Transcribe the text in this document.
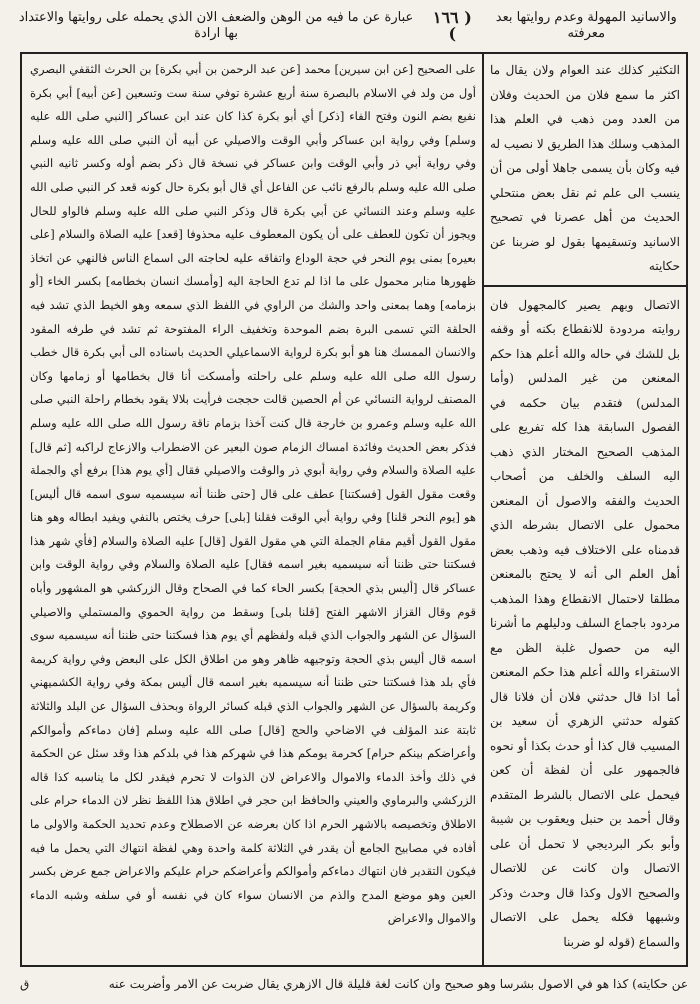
والاسانيد المهولة وعدم روايتها بعد معرفته
( ١٦٦ )
عبارة عن ما فيه من الوهن والضعف الان الذي يحمله على روايتها والاعتداد بها ارادة
التكثير كذلك عند العوام ولان يقال ما اكثر ما سمع فلان من الحديث وفلان من العدد ومن ذهب في العلم هذا المذهب وسلك هذا الطريق لا نصيب له فيه وكان بأن يسمى جاهلا أولى من أن ينسب الى علم ثم نقل بعض منتحلي الحديث من أهل عصرنا في تصحيح الاسانيد وتسقيمها بقول لو ضربنا عن حكايته
الاتصال وبهم يصير كالمجهول فان روايته مردودة للانقطاع بكنه أو وقفه بل للشك في حاله والله أعلم هذا حكم المعنعن من غير المدلس (وأما المدلس) فتقدم بيان حكمه في الفصول السابقة هذا كله تفريع على المذهب الصحيح المختار الذي ذهب اليه السلف والخلف من أصحاب الحديث والفقه والاصول أن المعنعن محمول على الاتصال بشرطه الذي قدمناه على الاختلاف فيه وذهب بعض أهل العلم الى أنه لا يحتج بالمعنعن مطلقا لاحتمال الانقطاع وهذا المذهب مردود باجماع السلف ودليلهم ما أشرنا اليه من حصول غلبة الظن مع الاستقراء والله أعلم هذا حكم المعنعن أما اذا قال حدثني فلان أن فلانا قال كقوله حدثني الزهري أن سعيد بن المسيب قال كذا أو حدث بكذا أو نحوه فالجمهور على أن لفظة أن كعن فيحمل على الاتصال بالشرط المتقدم وقال أحمد بن حنبل ويعقوب بن شيبة وأبو بكر البرديجي لا تحمل أن على الاتصال وان كانت عن للاتصال والصحيح الاول وكذا قال وحدث وذكر وشبهها فكله يحمل على الاتصال والسماع (قوله لو ضربنا
على الصحيح [عن ابن سيرين] محمد [عن عبد الرحمن بن أبي بكرة] بن الحرث الثقفي البصري أول من ولد في الاسلام بالبصرة سنة أربع عشرة توفي سنة ست وتسعين [عن أبيه] أبي بكرة نفيع بضم النون وفتح الفاء [ذكر] أي أبو بكرة كذا كان عند ابن عساكر [النبي صلى الله عليه وسلم] وفي رواية ابن عساكر وأبي الوقت والاصيلي عن أبيه أن النبي صلى الله عليه وسلم وفي رواية أبي ذر وأبي الوقت وابن عساكر في نسخة قال ذكر بضم أوله وكسر ثانيه النبي صلى الله عليه وسلم بالرفع نائب عن الفاعل أي قال أبو بكرة حال كونه قعد كر النبي صلى الله عليه وسلم وعند النسائي عن أبي بكرة قال وذكر النبي صلى الله عليه وسلم فالواو للحال ويجوز أن تكون للعطف على أن يكون المعطوف عليه محذوفا [قعد] عليه الصلاة والسلام [على بعيره] بمنى يوم النحر في حجة الوداع واتفاقه عليه لحاجته الى اسماع الناس فالنهي عن اتخاذ ظهورها منابر محمول على ما اذا لم تدع الحاجة اليه [وأمسك انسان بخطامه] بكسر الخاء [أو بزمامه] وهما بمعنى واحد والشك من الراوي في اللفظ الذي سمعه وهو الخيط الذي تشد فيه الحلقة التي تسمى البرة بضم الموحدة وتخفيف الراء المفتوحة ثم تشد في طرفه المقود والانسان الممسك هنا هو أبو بكرة لرواية الاسماعيلي الحديث باسناده الى أبي بكرة قال خطب رسول الله صلى الله عليه وسلم على راحلته وأمسكت أنا قال بخطامها أو زمامها وكان المصنف لرواية النسائي عن أم الحصين قالت حججت فرأيت بلالا يقود بخطام راحلة النبي صلى الله عليه وسلم وعمرو بن خارجة قال كنت آخذا بزمام ناقة رسول الله صلى الله عليه وسلم فذكر بعض الحديث وفائدة امساك الزمام صون البعير عن الاضطراب والازعاج لراكبه [ثم قال] عليه الصلاة والسلام وفي رواية أبوي ذر والوقت والاصيلي فقال [أي يوم هذا] برفع أي والجملة وقعت مقول القول [فسكتنا] عطف على قال [حتى ظننا أنه سيسميه سوى اسمه قال أليس] هو [يوم النحر قلنا] وفي رواية أبي الوقت فقلنا [بلى] حرف يختص بالنفي ويفيد ابطاله وهو هنا مقول القول أقيم مقام الجملة التي هي مقول القول [قال] عليه الصلاة والسلام [فأي شهر هذا فسكتنا حتى ظننا أنه سيسميه بغير اسمه فقال] عليه الصلاة والسلام وفي رواية الوقت وابن عساكر قال [أليس بذي الحجة] بكسر الحاء كما في الصحاح وقال الزركشي هو المشهور وأباه قوم وقال القزاز الاشهر الفتح [قلنا بلى] وسقط من رواية الحموي والمستملي والاصيلي السؤال عن الشهر والجواب الذي قبله ولفظهم أي يوم هذا فسكتنا حتى ظننا أنه سيسميه سوى اسمه قال أليس بذي الحجة وتوجيهه ظاهر وهو من اطلاق الكل على البعض وفي رواية كريمة فأي بلد هذا فسكتنا حتى ظننا أنه سيسميه بغير اسمه قال أليس بمكة وفي رواية الكشميهني وكريمة بالسؤال عن الشهر والجواب الذي قبله كسائر الرواة وبحذف السؤال عن البلد والثلاثة ثابتة عند المؤلف في الاضاحي والحج [قال] صلى الله عليه وسلم [فان دماءكم وأموالكم وأعراضكم بينكم حرام] كحرمة يومكم هذا في شهركم هذا في بلدكم هذا وقد سئل عن الحكمة في ذلك وأخذ الدماء والاموال والاعراض لان الذوات لا تحرم فيقدر لكل ما يناسبه كذا قاله الزركشي والبرماوي والعيني والحافظ ابن حجر في اطلاق هذا اللفظ نظر لان الدماء حرام على الاطلاق وتخصيصه بالاشهر الحرم اذا كان بعرضه عن الاصطلاح وعدم تحديد الحكمة والاولى ما أفاده في مصابيح الجامع أن يقدر في الثلاثة كلمة واحدة وهي لفظة انتهاك التي يحمل ما فيه فيكون التقدير فان انتهاك دماءكم وأموالكم وأعراضكم حرام عليكم والاعراض جمع عرض بكسر العين وهو موضع المدح والذم من الانسان سواء كان في نفسه أو في سلفه وشبه الدماء والاموال والاعراض
عن حكايته) كذا هو في الاصول بشرسا وهو صحيح وان كانت لغة قليلة قال الازهري يقال ضربت عن الامر وأضربت عنه
ق
